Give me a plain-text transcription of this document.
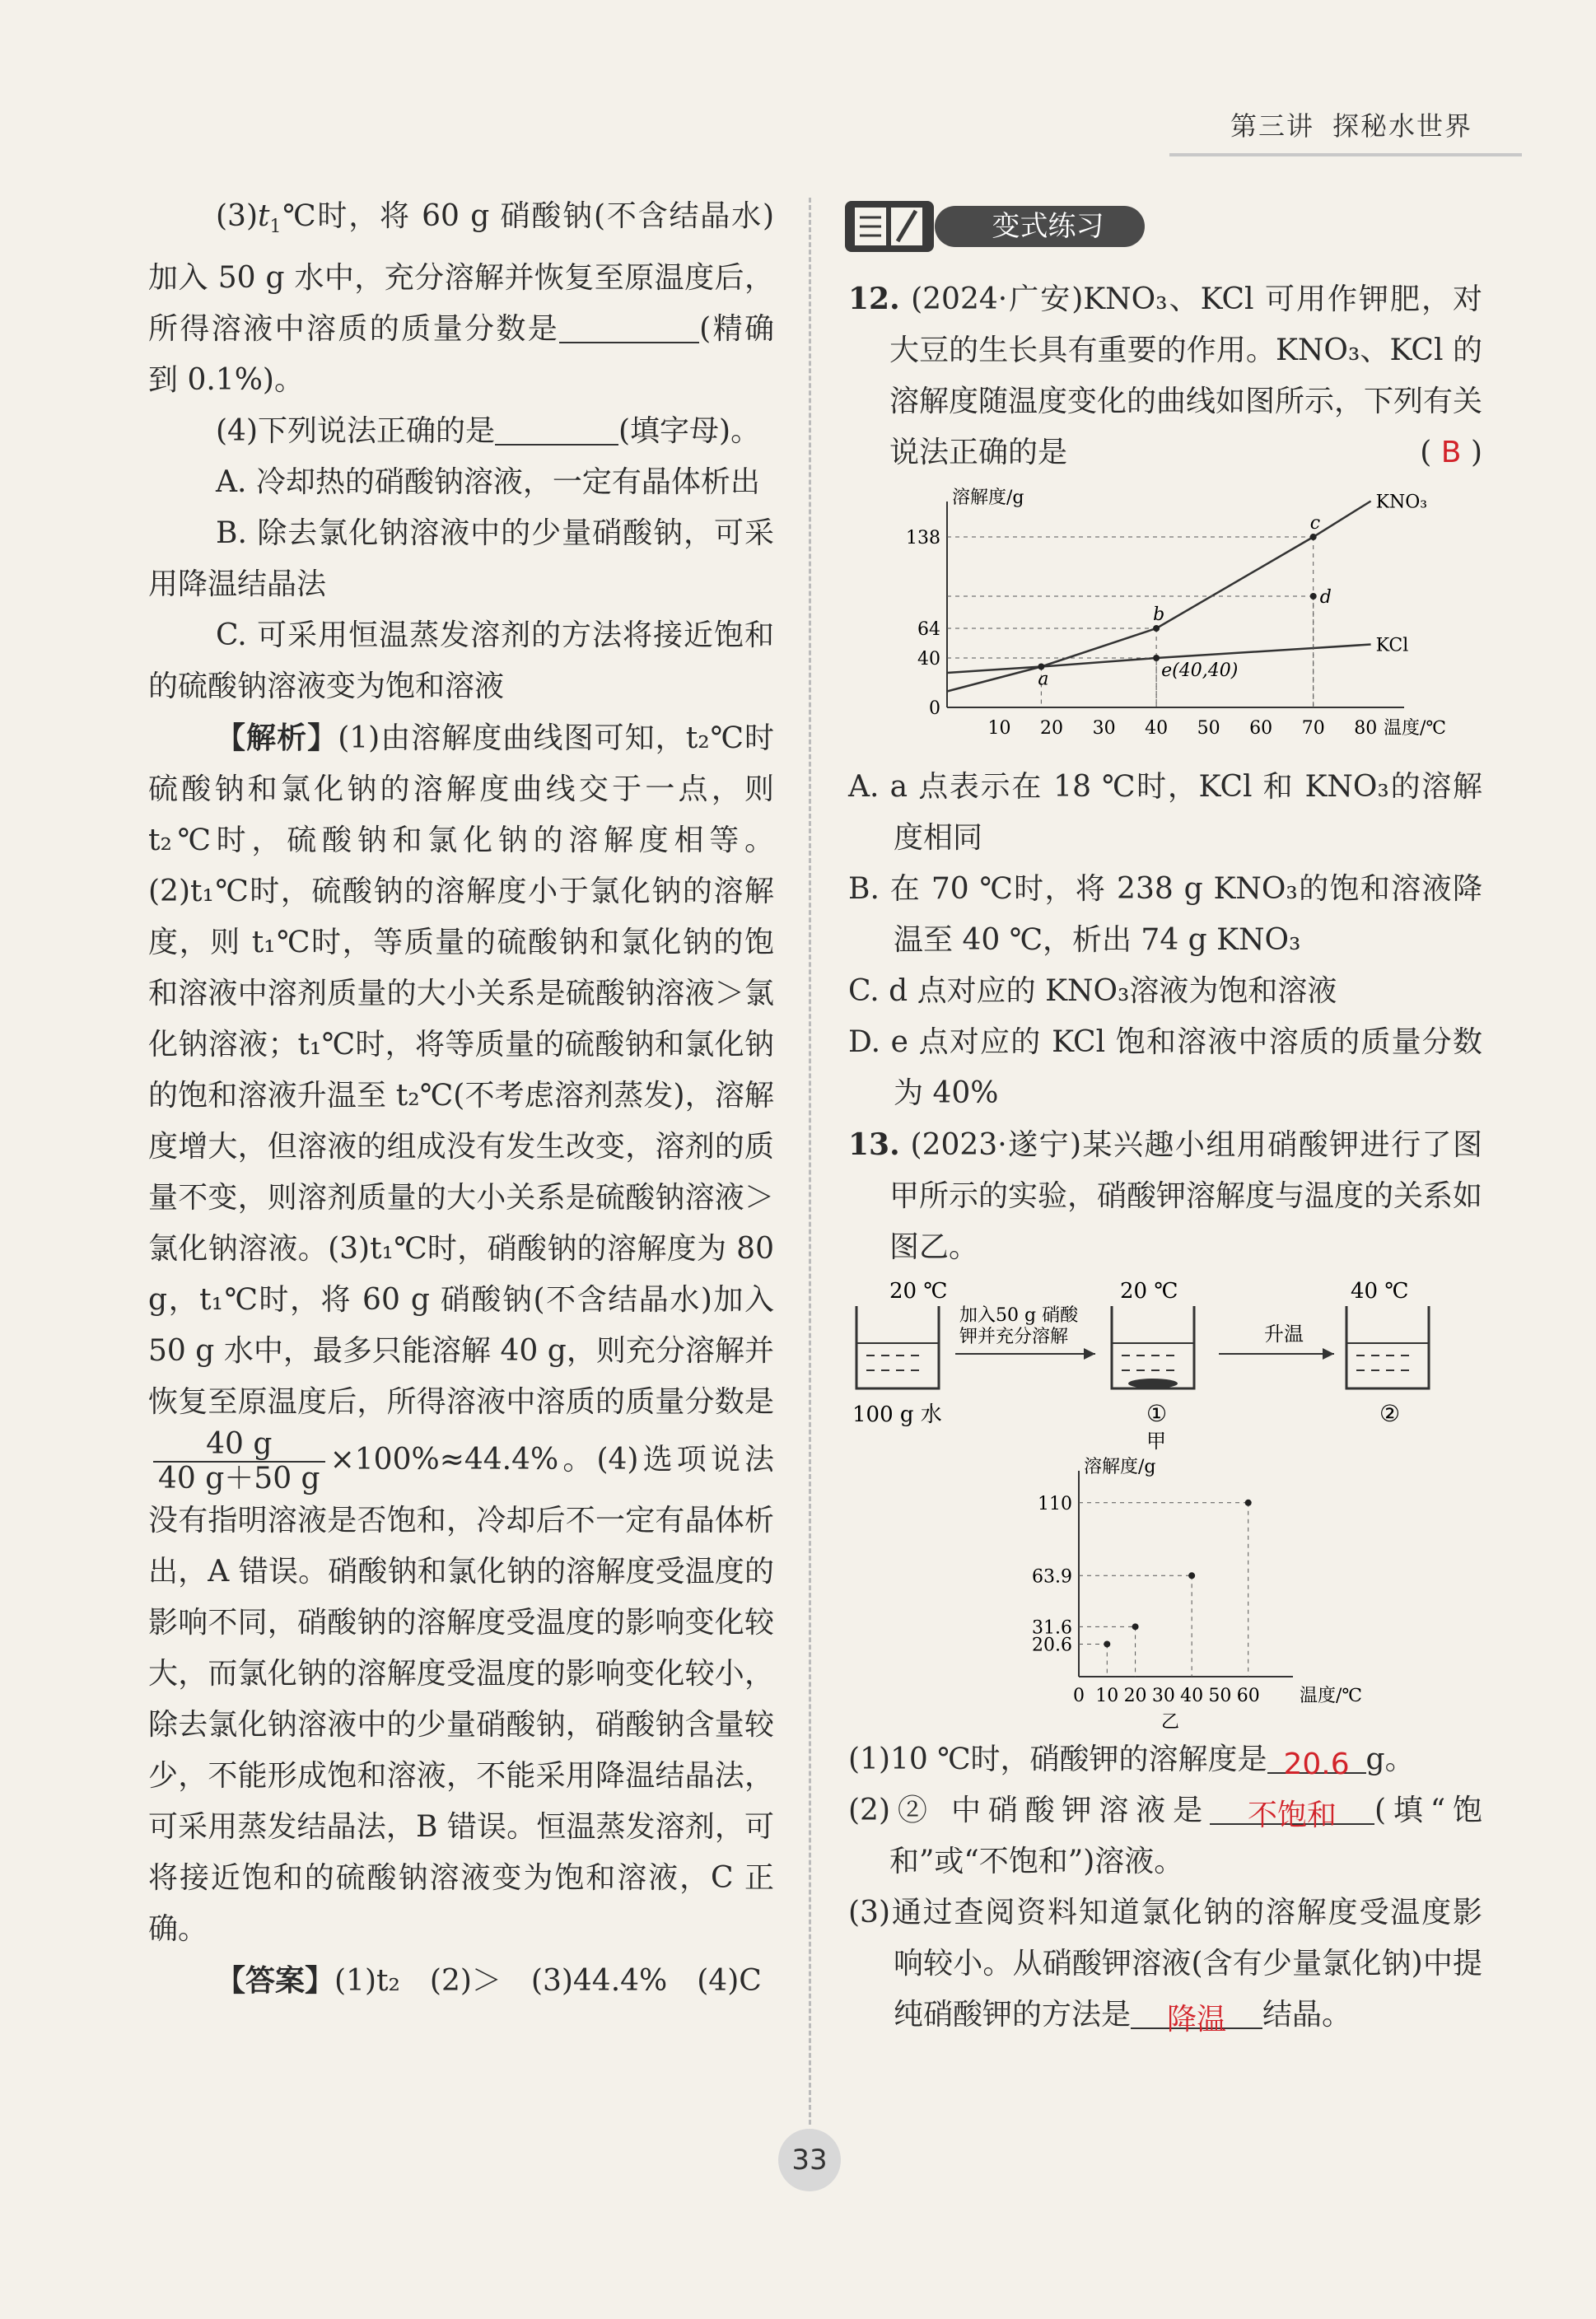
第三讲 探秘水世界

$(3)t_1℃$时，将 60 g 硝酸钠(不含结晶水)加入 50 g 水中，充分溶解并恢复至原温度后，所得溶液中溶质的质量分数是	(精确到 0.1%)。

(4)下列说法正确的是	(填字母)。

A. 冷却热的硝酸钠溶液，一定有晶体析出

B. 除去氯化钠溶液中的少量硝酸钠，可采用降温结晶法

C. 可采用恒温蒸发溶剂的方法将接近饱和的硫酸钠溶液变为饱和溶液

【解析】(1)由溶解度曲线图可知，t₂℃时硫酸钠和氯化钠的溶解度曲线交于一点，则 t₂℃时，硫酸钠和氯化钠的溶解度相等。(2)t₁℃时，硫酸钠的溶解度小于氯化钠的溶解度，则 t₁℃时，等质量的硫酸钠和氯化钠的饱和溶液中溶剂质量的大小关系是硫酸钠溶液＞氯化钠溶液；t₁℃时，将等质量的硫酸钠和氯化钠的饱和溶液升温至 t₂℃(不考虑溶剂蒸发)，溶解度增大，但溶液的组成没有发生改变，溶剂的质量不变，则溶剂质量的大小关系是硫酸钠溶液＞氯化钠溶液。(3)t₁℃时，硝酸钠的溶解度为 80 g，t₁℃时，将 60 g 硝酸钠(不含结晶水)加入 50 g 水中，最多只能溶解 40 g，则充分溶解并恢复至原温度后，所得溶液中溶质的质量分数是
$\frac{40 g}{40 g+50 g} \times 100\%\approx 44.4\%$。(4)选项说法没有指明溶液是否饱和，冷却后不一定有晶体析出，A 错误。硝酸钠和氯化钠的溶解度受温度的影响不同，硝酸钠的溶解度受温度的影响变化较大，而氯化钠的溶解度受温度的影响变化较小，除去氯化钠溶液中的少量硝酸钠，硝酸钠含量较少，不能形成饱和溶液，不能采用降温结晶法，可采用蒸发结晶法，B 错误。恒温蒸发溶剂，可将接近饱和的硫酸钠溶液变为饱和溶液，C 正确。

【答案】(1)t₂　(2)＞　(3)44.4%　(4)C

变式练习

12. (2024·广安)KNO₃、KCl 可用作钾肥，对大豆的生长具有重要的作用。KNO₃、KCl 的溶解度随温度变化的曲线如图所示，下列有关说法正确的是	( B )

溶解度/g
温度/℃
10 20 30 40 50 60 70 80
0
40
64
138
KNO₃
KCl
a
b
c
d
e(40,40)

A. a 点表示在 18 ℃时，KCl 和 KNO₃的溶解度相同

B. 在 70 ℃时，将 238 g KNO₃的饱和溶液降温至 40 ℃，析出 74 g KNO₃

C. d 点对应的 KNO₃溶液为饱和溶液

D. e 点对应的 KCl 饱和溶液中溶质的质量分数为 40%

13. (2023·遂宁)某兴趣小组用硝酸钾进行了图甲所示的实验，硝酸钾溶解度与温度的关系如图乙。

20 ℃	20 ℃	40 ℃
100 g 水
加入50 g 硝酸
钾并充分溶解
①
甲
升温
②
溶解度/g
温度/℃
乙
0 10 20 30 40 50 60
20.6
31.6
63.9
110

(1)10 ℃时，硝酸钾的溶解度是 20.6 g。

(2)② 中硝酸钾溶液是 不饱和 (填“饱和”或“不饱和”)溶液。

(3)通过查阅资料知道氯化钠的溶解度受温度影响较小。从硝酸钾溶液(含有少量氯化钠)中提纯硝酸钾的方法是 降温 结晶。

33
